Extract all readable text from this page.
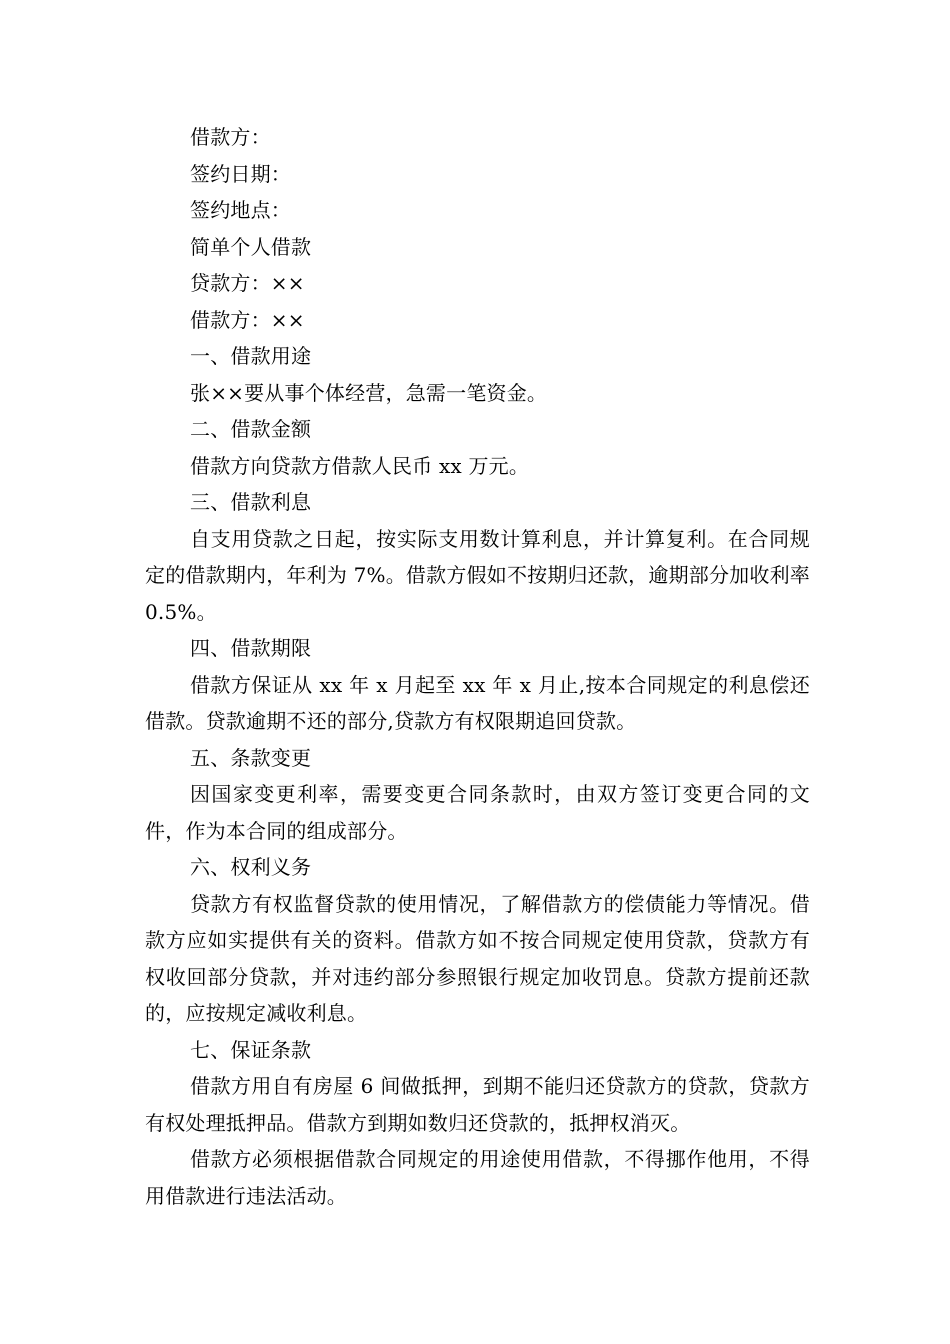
借款方：

签约日期：

签约地点：

简单个人借款

贷款方：××

借款方：××

一、借款用途

张××要从事个体经营，急需一笔资金。

二、借款金额

借款方向贷款方借款人民币 xx 万元。

三、借款利息

自支用贷款之日起，按实际支用数计算利息，并计算复利。在合同规定的借款期内，年利为 7%。借款方假如不按期归还款，逾期部分加收利率 0.5%。

四、借款期限

借款方保证从 xx 年 x 月起至 xx 年 x 月止,按本合同规定的利息偿还借款。贷款逾期不还的部分,贷款方有权限期追回贷款。

五、条款变更

因国家变更利率，需要变更合同条款时，由双方签订变更合同的文件，作为本合同的组成部分。

六、权利义务

贷款方有权监督贷款的使用情况，了解借款方的偿债能力等情况。借款方应如实提供有关的资料。借款方如不按合同规定使用贷款，贷款方有权收回部分贷款，并对违约部分参照银行规定加收罚息。贷款方提前还款的，应按规定减收利息。

七、保证条款

借款方用自有房屋 6 间做抵押，到期不能归还贷款方的贷款，贷款方有权处理抵押品。借款方到期如数归还贷款的，抵押权消灭。

借款方必须根据借款合同规定的用途使用借款，不得挪作他用，不得用借款进行违法活动。
